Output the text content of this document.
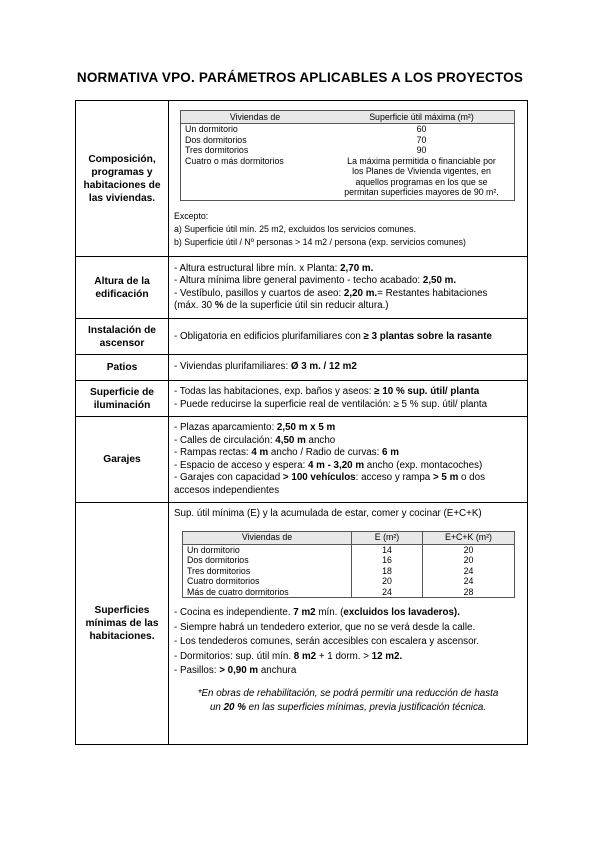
NORMATIVA VPO. PARÁMETROS APLICABLES A LOS PROYECTOS
Composición, programas y habitaciones de las viviendas.	
Viviendas de	Superficie útil máxima (m²)
Un dormitorio	60
Dos dormitorios	70
Tres dormitorios	90
Cuatro o más dormitorios	La máxima permitida o financiable por los Planes de Vivienda vigentes, en aquellos programas en los que se permitan superficies mayores de 90 m².
Excepto:
a) Superficie útil mín. 25 m2, excluidos los servicios comunes.
b) Superficie útil / Nº personas > 14 m2 / persona (exp. servicios comunes)

Altura de la edificación	
- Altura estructural libre mín. x Planta: 2,70 m.
- Altura mínima libre general pavimento - techo acabado: 2,50 m.
- Vestíbulo, pasillos y cuartos de aseo: 2,20 m.= Restantes habitaciones
(máx. 30 % de la superficie útil sin reducir altura.)

Instalación de ascensor	
- Obligatoria en edificios plurifamiliares con ≥ 3 plantas sobre la rasante

Patios	- Viviendas plurifamiliares: Ø 3 m. / 12 m2

Superficie de iluminación	
- Todas las habitaciones, exp. baños y aseos: ≥ 10 % sup. útil/ planta
- Puede reducirse la superficie real de ventilación: ≥ 5 % sup. útil/ planta

Garajes	
- Plazas aparcamiento: 2,50 m x 5 m
- Calles de circulación: 4,50 m ancho
- Rampas rectas: 4 m ancho / Radio de curvas: 6 m
- Espacio de acceso y espera: 4 m - 3,20 m ancho (exp. montacoches)
- Garajes con capacidad > 100 vehículos: acceso y rampa > 5 m o dos accesos independientes

Superficies mínimas de las habitaciones.	
Sup. útil mínima (E) y la acumulada de estar, comer y cocinar (E+C+K)
Viviendas de	E (m²)	E+C+K (m²)
Un dormitorio	14	20
Dos dormitorios	16	20
Tres dormitorios	18	24
Cuatro dormitorios	20	24
Más de cuatro dormitorios	24	28
- Cocina es independiente. 7 m2 mín. (excluidos los lavaderos).
- Siempre habrá un tendedero exterior, que no se verá desde la calle.
- Los tendederos comunes, serán accesibles con escalera y ascensor.
- Dormitorios: sup. útil mín. 8 m2 + 1 dorm. > 12 m2.
- Pasillos: > 0,90 m anchura
*En obras de rehabilitación, se podrá permitir una reducción de hasta
un 20 % en las superficies mínimas, previa justificación técnica.
